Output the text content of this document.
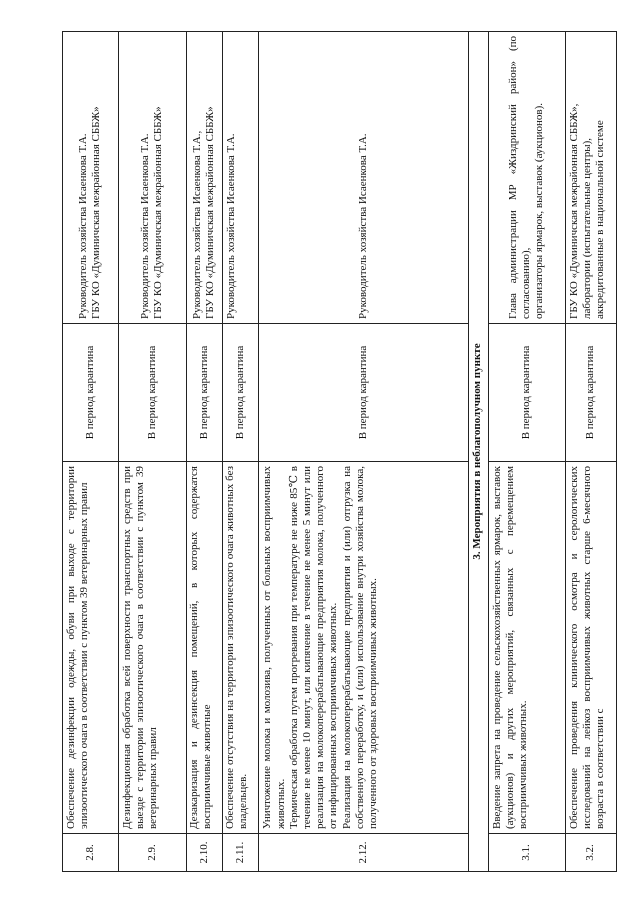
2.8.	Обеспечение дезинфекции одежды, обуви при выходе с территории эпизоотического очага в соответствии с пунктом 39 ветеринарных правил	В период карантина	Руководитель хозяйства Исаенкова Т.А. ГБУ КО «Думиничская межрайонная СББЖ»

2.9.	Дезинфекционная обработка всей поверхности транспортных средств при выезде с территории эпизоотического очага в соответствии с пунктом 39 ветеринарных правил	В период карантина	Руководитель хозяйства Исаенкова Т.А. ГБУ КО «Думиничская межрайонная СББЖ»

2.10.	Дезакаризация и дезинсекция помещений, в которых содержатся восприимчивые животные	В период карантина	Руководитель хозяйства Исаенкова Т.А., ГБУ КО «Думиничская межрайонная СББЖ»

2.11.	Обеспечение отсутствия на территории эпизоотического очага животных без владельцев.	В период карантина	Руководитель хозяйства Исаенкова Т.А.

2.12.	Уничтожение молока и молозива, полученных от больных восприимчивых животных. Термическая обработка путем прогревания при температуре не ниже 85℃ в течение не менее 10 минут, или кипячение в течение не менее 5 минут или реализация на молокоперерабатывающие предприятия молока, полученного от инфицированных восприимчивых животных. Реализация на молокоперерабатывающие предприятия и (или) отгрузка на собственную переработку, и (или) использование внутри хозяйства молока, полученного от здоровых восприимчивых животных.	В период карантина	Руководитель хозяйства Исаенкова Т.А.

3. Мероприятия в неблагополучном пункте			
3.1.	Введение запрета на проведение сельскохозяйственных ярмарок, выставок (аукционов) и других мероприятий, связанных с перемещением восприимчивых животных.	В период карантина	Глава администрации МР «Жиздринский район» (по согласованию), организаторы ярмарок, выставок (аукционов).

3.2.	Обеспечение проведения клинического осмотра и серологических исследований на лейкоз восприимчивых животных старше 6-месячного возраста в соответствии с	В период карантина	ГБУ КО «Думиничская межрайонная СББЖ», лаборатории (испытательные центры), аккредитованные в национальной системе
